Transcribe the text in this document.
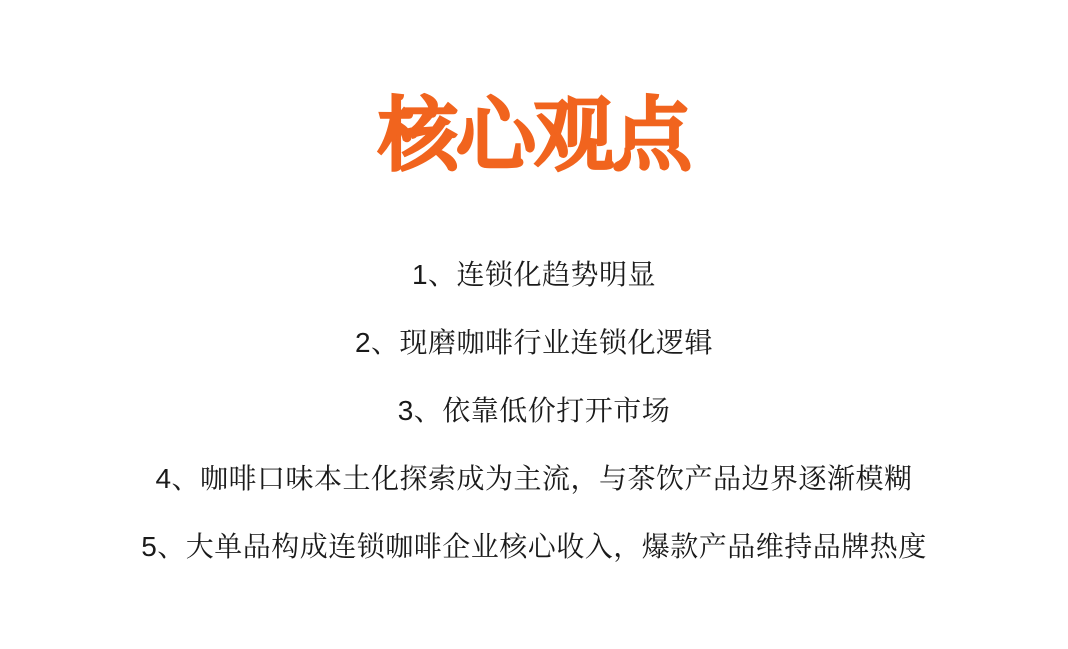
核心观点
1、连锁化趋势明显
2、现磨咖啡行业连锁化逻辑
3、依靠低价打开市场
4、咖啡口味本土化探索成为主流，与茶饮产品边界逐渐模糊
5、大单品构成连锁咖啡企业核心收入，爆款产品维持品牌热度
